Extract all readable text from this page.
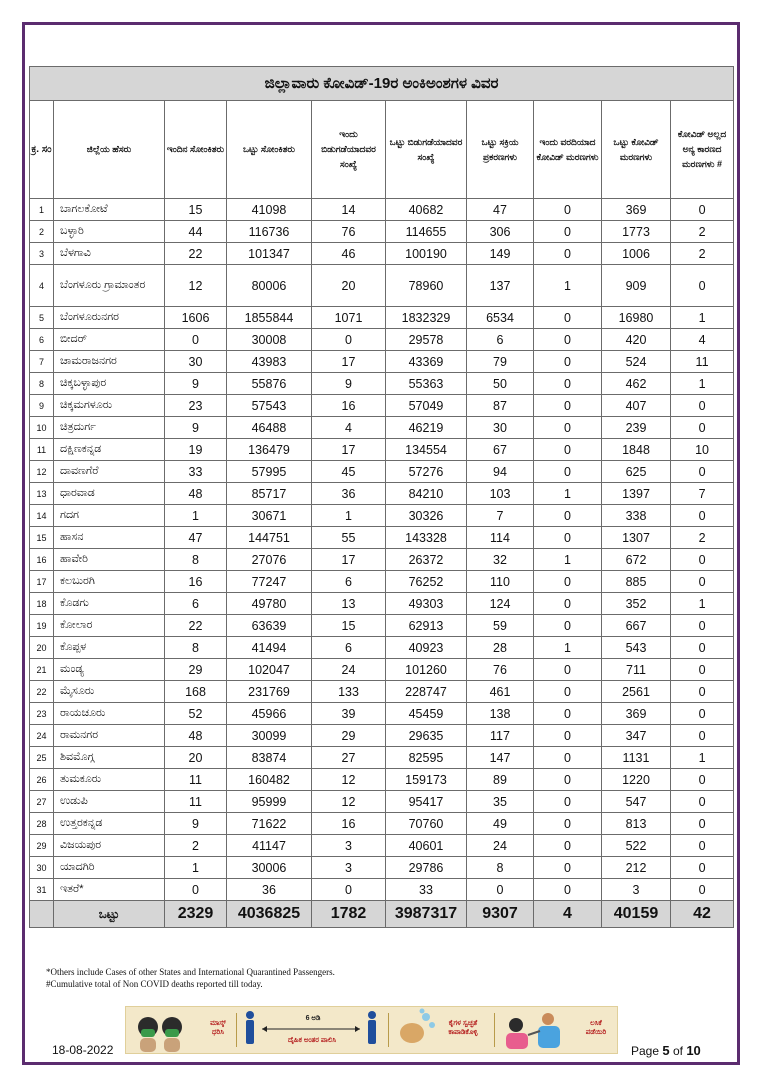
ಜಿಲ್ಲಾವಾರು ಕೋವಿಡ್-19ರ ಅಂಕಿಅಂಶಗಳ ವಿವರ									
ಕ್ರ. ಸಂ	ಜಿಲ್ಲೆಯ ಹೆಸರು	ಇಂದಿನ ಸೋಂಕಿತರು	ಒಟ್ಟು ಸೋಂಕಿತರು	ಇಂದು ಬಿಡುಗಡೆಯಾದವರ ಸಂಖ್ಯೆ	ಒಟ್ಟು ಬಿಡುಗಡೆಯಾದವರ ಸಂಖ್ಯೆ	ಒಟ್ಟು ಸಕ್ರಿಯ ಪ್ರಕರಣಗಳು	ಇಂದು ವರದಿಯಾದ ಕೋವಿಡ್ ಮರಣಗಳು	ಒಟ್ಟು ಕೋವಿಡ್ ಮರಣಗಳು	ಕೋವಿಡ್ ಅಲ್ಲದ ಅನ್ಯ ಕಾರಣದ ಮರಣಗಳು #
1	ಬಾಗಲಕೋಟೆ	15	41098	14	40682	47	0	369	0
2	ಬಳ್ಳಾರಿ	44	116736	76	114655	306	0	1773	2
3	ಬೆಳಗಾವಿ	22	101347	46	100190	149	0	1006	2
4	ಬೆಂಗಳೂರು ಗ್ರಾಮಾಂತರ	12	80006	20	78960	137	1	909	0
5	ಬೆಂಗಳೂರುನಗರ	1606	1855844	1071	1832329	6534	0	16980	1
6	ಬೀದರ್	0	30008	0	29578	6	0	420	4
7	ಚಾಮರಾಜನಗರ	30	43983	17	43369	79	0	524	11
8	ಚಿಕ್ಕಬಳ್ಳಾಪುರ	9	55876	9	55363	50	0	462	1
9	ಚಿಕ್ಕಮಗಳೂರು	23	57543	16	57049	87	0	407	0
10	ಚಿತ್ರದುರ್ಗ	9	46488	4	46219	30	0	239	0
11	ದಕ್ಷಿಣಕನ್ನಡ	19	136479	17	134554	67	0	1848	10
12	ದಾವಣಗೆರೆ	33	57995	45	57276	94	0	625	0
13	ಧಾರವಾಡ	48	85717	36	84210	103	1	1397	7
14	ಗದಗ	1	30671	1	30326	7	0	338	0
15	ಹಾಸನ	47	144751	55	143328	114	0	1307	2
16	ಹಾವೇರಿ	8	27076	17	26372	32	1	672	0
17	ಕಲಬುರಗಿ	16	77247	6	76252	110	0	885	0
18	ಕೊಡಗು	6	49780	13	49303	124	0	352	1
19	ಕೋಲಾರ	22	63639	15	62913	59	0	667	0
20	ಕೊಪ್ಪಳ	8	41494	6	40923	28	1	543	0
21	ಮಂಡ್ಯ	29	102047	24	101260	76	0	711	0
22	ಮೈಸೂರು	168	231769	133	228747	461	0	2561	0
23	ರಾಯಚೂರು	52	45966	39	45459	138	0	369	0
24	ರಾಮನಗರ	48	30099	29	29635	117	0	347	0
25	ಶಿವಮೊಗ್ಗ	20	83874	27	82595	147	0	1131	1
26	ತುಮಕೂರು	11	160482	12	159173	89	0	1220	0
27	ಉಡುಪಿ	11	95999	12	95417	35	0	547	0
28	ಉತ್ತರಕನ್ನಡ	9	71622	16	70760	49	0	813	0
29	ವಿಜಯಪುರ	2	41147	3	40601	24	0	522	0
30	ಯಾದಗಿರಿ	1	30006	3	29786	8	0	212	0
31	ಇತರೆ*	0	36	0	33	0	0	3	0
	ಒಟ್ಟು	2329	4036825	1782	3987317	9307	4	40159	42
*Others include Cases of other States and International Quarantined Passengers.
#Cumulative total of Non COVID deaths reported till today.
ಮಾಸ್ಕ್ ಧರಿಸಿ
6 ಅಡಿ
ದೈಹಿಕ ಅಂತರ ಪಾಲಿಸಿ
ಕೈಗಳ ಸ್ವಚ್ಛತೆ ಕಾಪಾಡಿಕೊಳ್ಳಿ
ಲಸಿಕೆ ಪಡೆಯಿರಿ
18-08-2022	Page 5 of 10
